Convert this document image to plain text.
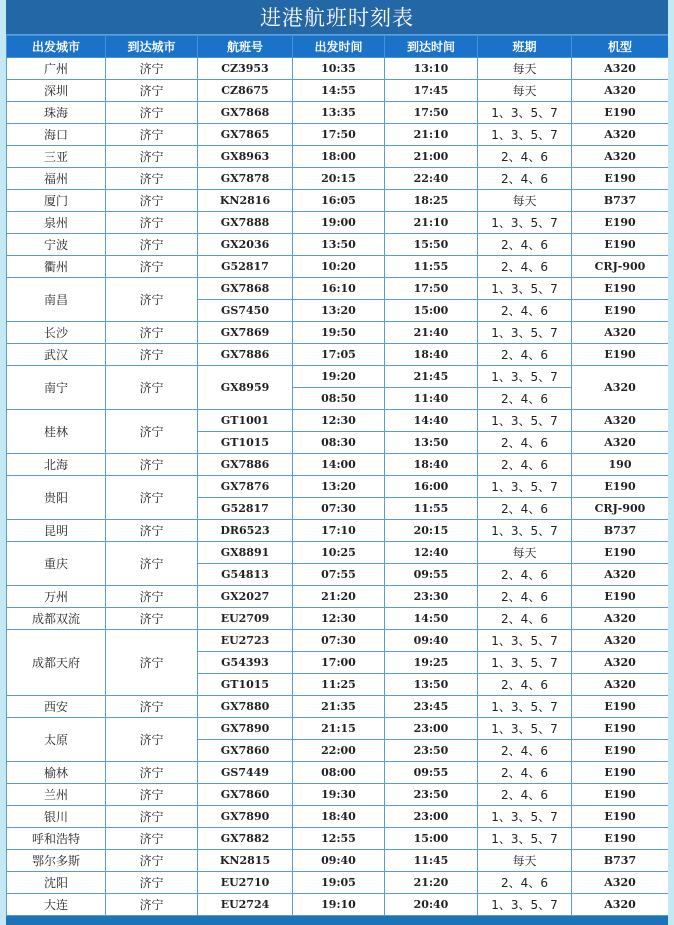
进港航班时刻表
出发城市	到达城市	航班号	出发时间	到达时间	班期	机型
广州	济宁	CZ3953	10:35	13:10	每天	A320
深圳	济宁	CZ8675	14:55	17:45	每天	A320
珠海	济宁	GX7868	13:35	17:50	1、3、5、7	E190
海口	济宁	GX7865	17:50	21:10	1、3、5、7	A320
三亚	济宁	GX8963	18:00	21:00	2、4、6	A320
福州	济宁	GX7878	20:15	22:40	2、4、6	E190
厦门	济宁	KN2816	16:05	18:25	每天	B737
泉州	济宁	GX7888	19:00	21:10	1、3、5、7	E190
宁波	济宁	GX2036	13:50	15:50	2、4、6	E190
衢州	济宁	G52817	10:20	11:55	2、4、6	CRJ-900
南昌	济宁	GX7868	16:10	17:50	1、3、5、7	E190
		GS7450	13:20	15:00	2、4、6	E190
长沙	济宁	GX7869	19:50	21:40	1、3、5、7	A320
武汉	济宁	GX7886	17:05	18:40	2、4、6	E190
南宁	济宁	GX8959	19:20	21:45	1、3、5、7	A320
			08:50	11:40	2、4、6	
桂林	济宁	GT1001	12:30	14:40	1、3、5、7	A320
		GT1015	08:30	13:50	2、4、6	A320
北海	济宁	GX7886	14:00	18:40	2、4、6	190
贵阳	济宁	GX7876	13:20	16:00	1、3、5、7	E190
		G52817	07:30	11:55	2、4、6	CRJ-900
昆明	济宁	DR6523	17:10	20:15	1、3、5、7	B737
重庆	济宁	GX8891	10:25	12:40	每天	E190
		G54813	07:55	09:55	2、4、6	A320
万州	济宁	GX2027	21:20	23:30	2、4、6	E190
成都双流	济宁	EU2709	12:30	14:50	2、4、6	A320
成都天府	济宁	EU2723	07:30	09:40	1、3、5、7	A320
		G54393	17:00	19:25	1、3、5、7	A320
		GT1015	11:25	13:50	2、4、6	A320
西安	济宁	GX7880	21:35	23:45	1、3、5、7	E190
太原	济宁	GX7890	21:15	23:00	1、3、5、7	E190
		GX7860	22:00	23:50	2、4、6	E190
榆林	济宁	GS7449	08:00	09:55	2、4、6	E190
兰州	济宁	GX7860	19:30	23:50	2、4、6	E190
银川	济宁	GX7890	18:40	23:00	1、3、5、7	E190
呼和浩特	济宁	GX7882	12:55	15:00	1、3、5、7	E190
鄂尔多斯	济宁	KN2815	09:40	11:45	每天	B737
沈阳	济宁	EU2710	19:05	21:20	2、4、6	A320
大连	济宁	EU2724	19:10	20:40	1、3、5、7	A320
